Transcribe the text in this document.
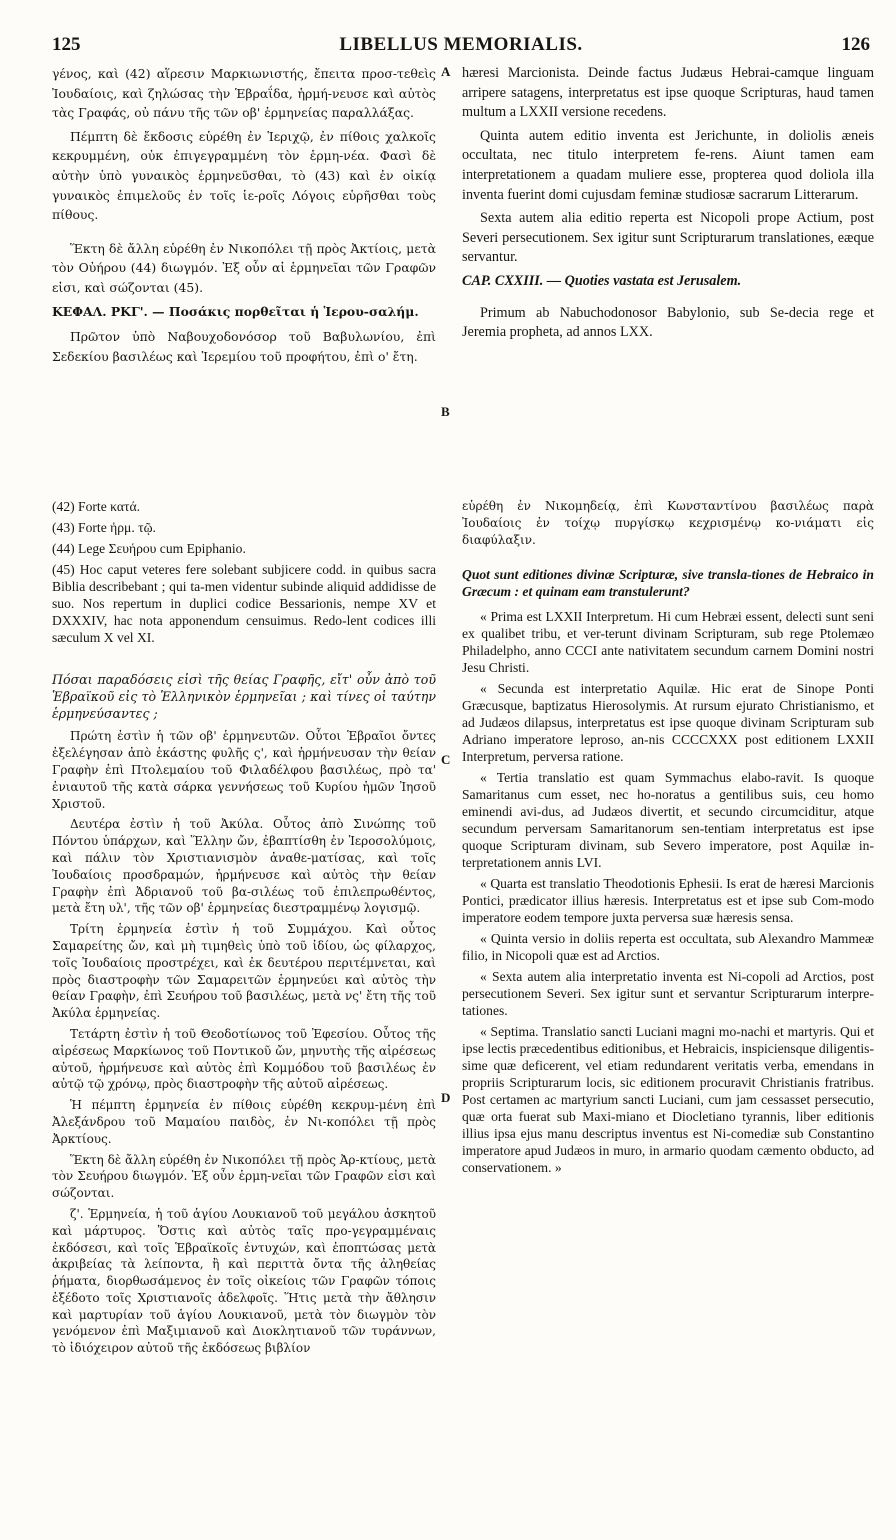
125	LIBELLUS MEMORIALIS.	126
A
B
C
D

γένος, καὶ (42) αἵρεσιν Μαρκιωνιστής, ἔπειτα προσ-τεθεὶς Ἰουδαίοις, καὶ ζηλώσας τὴν Ἑβραΐδα, ἡρμή-νευσε καὶ αὐτὸς τὰς Γραφάς, οὐ πάνυ τῆς τῶν οβ' ἑρμηνείας παραλλάξας.

Πέμπτη δὲ ἔκδοσις εὑρέθη ἐν Ἱεριχῷ, ἐν πίθοις χαλκοῖς κεκρυμμένη, οὐκ ἐπιγεγραμμένη τὸν ἑρμη-νέα. Φασὶ δὲ αὐτὴν ὑπὸ γυναικὸς ἑρμηνεῦσθαι, τὸ (43) καὶ ἐν οἰκίᾳ γυναικὸς ἐπιμελοῦς ἐν τοῖς ἱε-ροῖς Λόγοις εὑρῆσθαι τοὺς πίθους.

Ἕκτη δὲ ἄλλη εὑρέθη ἐν Νικοπόλει τῇ πρὸς Ἀκτίοις, μετὰ τὸν Οὐήρου (44) διωγμόν. Ἐξ οὖν αἱ ἑρμηνεῖαι τῶν Γραφῶν εἰσι, καὶ σώζονται (45).

ΚΕΦΑΛ. ΡΚΓ'. — Ποσάκις πορθεῖται ἡ Ἱερου-σαλήμ.

Πρῶτον ὑπὸ Ναβουχοδονόσορ τοῦ Βαβυλωνίου, ἐπὶ Σεδεκίου βασιλέως καὶ Ἱερεμίου τοῦ προφήτου, ἐπὶ ο' ἔτη.

hæresi Marcionista. Deinde factus Judæus Hebrai-camque linguam arripere satagens, interpretatus est ipse quoque Scripturas, haud tamen multum a LXXII versione recedens.

Quinta autem editio inventa est Jerichunte, in doliolis æneis occultata, nec titulo interpretem fe-rens. Aiunt tamen eam interpretationem a quadam muliere esse, propterea quod doliola illa inventa fuerint domi cujusdam feminæ studiosæ sacrarum Litterarum.

Sexta autem alia editio reperta est Nicopoli prope Actium, post Severi persecutionem. Sex igitur sunt Scripturarum translationes, eæque servantur.

CAP. CXXIII. — Quoties vastata est Jerusalem.

Primum ab Nabuchodonosor Babylonio, sub Se-decia rege et Jeremia propheta, ad annos LXX.

(42) Forte κατά.

(43) Forte ἠρμ. τῷ.

(44) Lege Σευήρου cum Epiphanio.

(45) Hoc caput veteres fere solebant subjicere codd. in quibus sacra Biblia describebant ; qui ta-men videntur subinde aliquid addidisse de suo. Nos repertum in duplici codice Bessarionis, nempe XV et DXXXIV, hac nota apponendum censuimus. Redo-lent codices illi sæculum X vel XI.

Πόσαι παραδόσεις εἰσὶ τῆς θείας Γραφῆς, εἴτ' οὖν ἀπὸ τοῦ Ἑβραϊκοῦ εἰς τὸ Ἑλληνικὸν ἑρμηνεῖαι ; καὶ τίνες οἱ ταύτην ἑρμηνεύσαντες ;

Πρώτη ἐστὶν ἡ τῶν οβ' ἑρμηνευτῶν. Οὗτοι Ἑβραῖοι ὄντες ἐξελέγησαν ἀπὸ ἑκάστης φυλῆς ς', καὶ ἡρμήνευσαν τὴν θείαν Γραφὴν ἐπὶ Πτολεμαίου τοῦ Φιλαδέλφου βασιλέως, πρὸ τα' ἐνιαυτοῦ τῆς κατὰ σάρκα γεννήσεως τοῦ Κυρίου ἡμῶν Ἰησοῦ Χριστοῦ.

Δευτέρα ἐστὶν ἡ τοῦ Ἀκύλα. Οὗτος ἀπὸ Σινώπης τοῦ Πόντου ὑπάρχων, καὶ Ἕλλην ὤν, ἐβαπτίσθη ἐν Ἱεροσολύμοις, καὶ πάλιν τὸν Χριστιανισμὸν ἀναθε-ματίσας, καὶ τοῖς Ἰουδαίοις προσδραμών, ἡρμήνευσε καὶ αὐτὸς τὴν θείαν Γραφὴν ἐπὶ Ἀδριανοῦ τοῦ βα-σιλέως τοῦ ἐπιλεπρωθέντος, μετὰ ἔτη υλ', τῆς τῶν οβ' ἑρμηνείας διεστραμμένῳ λογισμῷ.

Τρίτη ἑρμηνεία ἐστὶν ἡ τοῦ Συμμάχου. Καὶ οὗτος Σαμαρείτης ὤν, καὶ μὴ τιμηθεὶς ὑπὸ τοῦ ἰδίου, ὡς φίλαρχος, τοῖς Ἰουδαίοις προστρέχει, καὶ ἐκ δευτέρου περιτέμνεται, καὶ πρὸς διαστροφὴν τῶν Σαμαρειτῶν ἑρμηνεύει καὶ αὐτὸς τὴν θείαν Γραφὴν, ἐπὶ Σευήρου τοῦ βασιλέως, μετὰ νς' ἔτη τῆς τοῦ Ἀκύλα ἑρμηνείας.

Τετάρτη ἐστὶν ἡ τοῦ Θεοδοτίωνος τοῦ Ἐφεσίου. Οὗτος τῆς αἱρέσεως Μαρκίωνος τοῦ Ποντικοῦ ὤν, μηνυτὴς τῆς αἱρέσεως αὐτοῦ, ἡρμήνευσε καὶ αὐτὸς ἐπὶ Κομμόδου τοῦ βασιλέως ἐν αὐτῷ τῷ χρόνῳ, πρὸς διαστροφὴν τῆς αὐτοῦ αἱρέσεως.

Ἡ πέμπτη ἑρμηνεία ἐν πίθοις εὑρέθη κεκρυμ-μένη ἐπὶ Ἀλεξάνδρου τοῦ Μαμαίου παιδὸς, ἐν Νι-κοπόλει τῇ πρὸς Ἀρκτίους.

Ἕκτη δὲ ἄλλη εὑρέθη ἐν Νικοπόλει τῇ πρὸς Ἀρ-κτίους, μετὰ τὸν Σευήρου διωγμόν. Ἐξ οὖν ἑρμη-νεῖαι τῶν Γραφῶν εἰσι καὶ σώζονται.

ζ'. Ἑρμηνεία, ἡ τοῦ ἁγίου Λουκιανοῦ τοῦ μεγάλου ἀσκητοῦ καὶ μάρτυρος. Ὅστις καὶ αὐτὸς ταῖς προ-γεγραμμέναις ἐκδόσεσι, καὶ τοῖς Ἑβραϊκοῖς ἐντυχών, καὶ ἐποπτώσας μετὰ ἀκριβείας τὰ λείποντα, ἢ καὶ περιττὰ ὄντα τῆς ἀληθείας ῥήματα, διορθωσάμενος ἐν τοῖς οἰκείοις τῶν Γραφῶν τόποις ἐξέδοτο τοῖς Χριστιανοῖς ἀδελφοῖς. Ἥτις μετὰ τὴν ἄθλησιν καὶ μαρτυρίαν τοῦ ἁγίου Λουκιανοῦ, μετὰ τὸν διωγμὸν τὸν γενόμενον ἐπὶ Μαξιμιανοῦ καὶ Διοκλητιανοῦ τῶν τυράννων, τὸ ἰδιόχειρον αὐτοῦ τῆς ἐκδόσεως βιβλίον

εὑρέθη ἐν Νικομηδείᾳ, ἐπὶ Κωνσταντίνου βασιλέως παρὰ Ἰουδαίοις ἐν τοίχῳ πυργίσκῳ κεχρισμένῳ κο-νιάματι εἰς διαφύλαξιν.

Quot sunt editiones divinæ Scripturæ, sive transla-tiones de Hebraico in Græcum : et quinam eam transtulerunt?

« Prima est LXXII Interpretum. Hi cum Hebræi essent, delecti sunt seni ex qualibet tribu, et ver-terunt divinam Scripturam, sub rege Ptolemæo Philadelpho, anno CCCI ante nativitatem secundum carnem Domini nostri Jesu Christi.

« Secunda est interpretatio Aquilæ. Hic erat de Sinope Ponti Græcusque, baptizatus Hierosolymis. At rursum ejurato Christianismo, et ad Judæos dilapsus, interpretatus est ipse quoque divinam Scripturam sub Adriano imperatore leproso, an-nis CCCCXXX post editionem LXXII Interpretum, perversa ratione.

« Tertia translatio est quam Symmachus elabo-ravit. Is quoque Samaritanus cum esset, nec ho-noratus a gentilibus suis, ceu homo eminendi avi-dus, ad Judæos divertit, et secundo circumciditur, atque secundum perversam Samaritanorum sen-tentiam interpretatus est ipse quoque Scripturam divinam, sub Severo imperatore, post Aquilæ in-terpretationem annis LVI.

« Quarta est translatio Theodotionis Ephesii. Is erat de hæresi Marcionis Pontici, prædicator illius hæresis. Interpretatus est et ipse sub Com-modo imperatore eodem tempore juxta perversa suæ hæresis sensa.

« Quinta versio in doliis reperta est occultata, sub Alexandro Mammeæ filio, in Nicopoli quæ est ad Arctios.

« Sexta autem alia interpretatio inventa est Ni-copoli ad Arctios, post persecutionem Severi. Sex igitur sunt et servantur Scripturarum interpre-tationes.

« Septima. Translatio sancti Luciani magni mo-nachi et martyris. Qui et ipse lectis præcedentibus editionibus, et Hebraicis, inspiciensque diligentis-sime quæ deficerent, vel etiam redundarent veritatis verba, emendans in propriis Scripturarum locis, sic editionem procuravit Christianis fratribus. Post certamen ac martyrium sancti Luciani, cum jam cessasset persecutio, quæ orta fuerat sub Maxi-miano et Diocletiano tyrannis, liber editionis illius ipsa ejus manu descriptus inventus est Ni-comediæ sub Constantino imperatore apud Judæos in muro, in armario quodam cæmento obducto, ad conservationem. »
